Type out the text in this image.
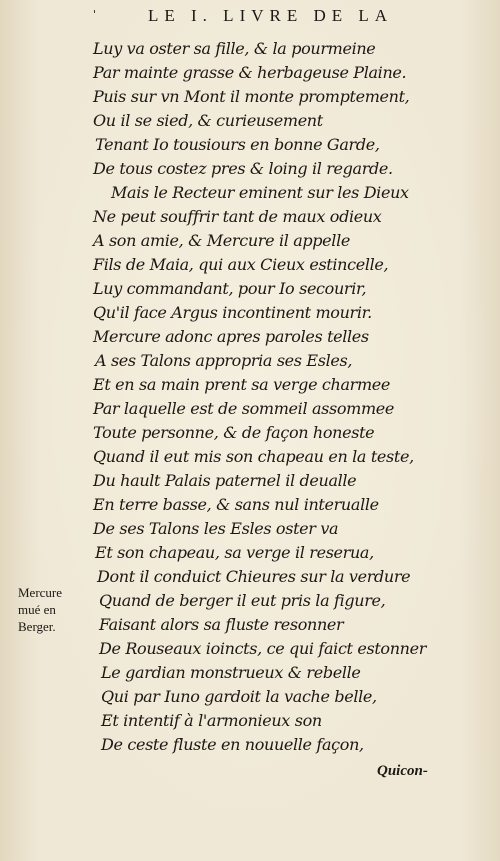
'	LE I. LIVRE DE LA
Luy va oster sa fille, & la pourmeine
Par mainte grasse & herbageuse Plaine.
Puis sur vn Mont il monte promptement,
Ou il se sied, & curieusement
Tenant Io tousiours en bonne Garde,
De tous costez pres & loing il regarde.
Mais le Recteur eminent sur les Dieux
Ne peut souffrir tant de maux odieux
A son amie, & Mercure il appelle
Fils de Maia, qui aux Cieux estincelle,
Luy commandant, pour Io secourir,
Qu'il face Argus incontinent mourir.
Mercure adonc apres paroles telles
A ses Talons appropria ses Esles,
Et en sa main prent sa verge charmee
Par laquelle est de sommeil assommee
Toute personne, & de façon honeste
Quand il eut mis son chapeau en la teste,
Du hault Palais paternel il deualle
En terre basse, & sans nul interualle
De ses Talons les Esles oster va
Et son chapeau, sa verge il reserua,
Dont il conduict Chieures sur la verdure
Quand de berger il eut pris la figure,
Faisant alors sa fluste resonner
De Rouseaux ioincts, ce qui faict estonner
Le gardian monstrueux & rebelle
Qui par Iuno gardoit la vache belle,
Et intentif à l'armonieux son
De ceste fluste en nouuelle façon,
Mercure
mué en
Berger.
Quicon-
